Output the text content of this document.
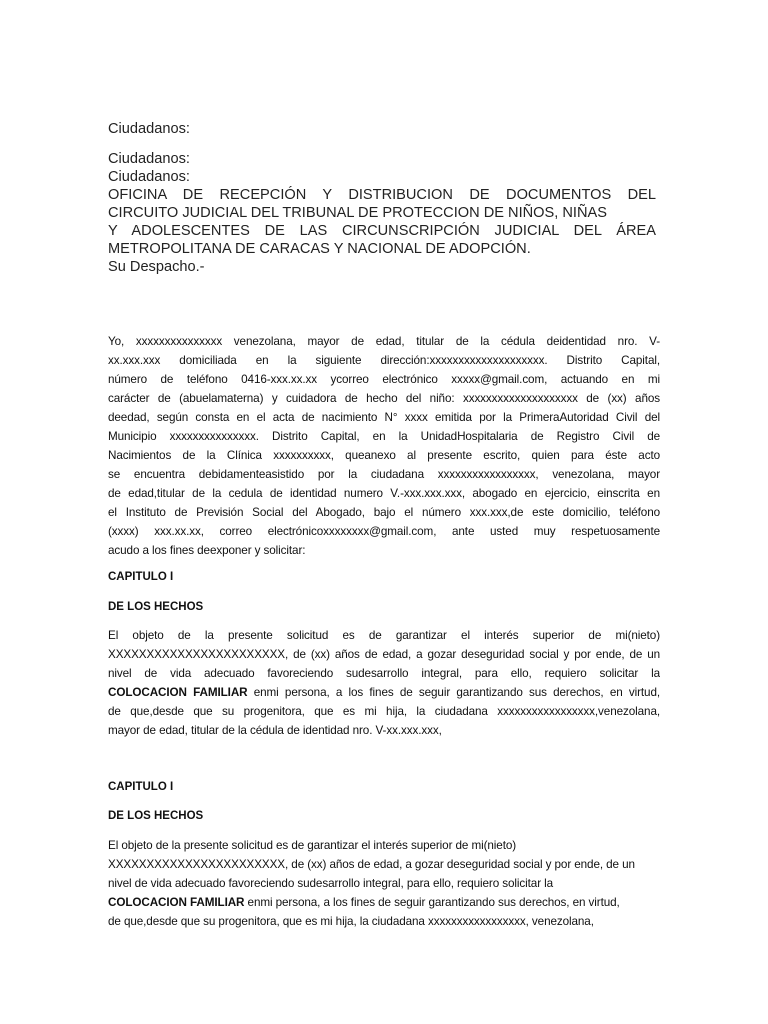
Ciudadanos:
Ciudadanos:
Ciudadanos:
OFICINA DE RECEPCIÓN Y DISTRIBUCION DE DOCUMENTOS DEL
CIRCUITO JUDICIAL DEL TRIBUNAL DE PROTECCION DE NIÑOS, NIÑAS
Y ADOLESCENTES DE LAS CIRCUNSCRIPCIÓN JUDICIAL DEL ÁREA
METROPOLITANA DE CARACAS Y NACIONAL DE ADOPCIÓN.
Su Despacho.-
Yo, xxxxxxxxxxxxxxx venezolana, mayor de edad, titular de la cédula deidentidad nro. V-
xx.xxx.xxx domiciliada en la siguiente dirección:xxxxxxxxxxxxxxxxxxxx. Distrito Capital,
número de teléfono 0416-xxx.xx.xx ycorreo electrónico xxxxx@gmail.com, actuando en mi
carácter de (abuelamaterna) y cuidadora de hecho del niño: xxxxxxxxxxxxxxxxxxxx de (xx) años
deedad, según consta en el acta de nacimiento N° xxxx emitida por la PrimeraAutoridad Civil del
Municipio xxxxxxxxxxxxxxx. Distrito Capital, en la UnidadHospitalaria de Registro Civil de
Nacimientos de la Clínica xxxxxxxxxx, queanexo al presente escrito, quien para éste acto
se encuentra debidamenteasistido por la ciudadana xxxxxxxxxxxxxxxxx, venezolana, mayor
de edad,titular de la cedula de identidad numero V.-xxx.xxx.xxx, abogado en ejercicio, einscrita en
el Instituto de Previsión Social del Abogado, bajo el número xxx.xxx,de este domicilio, teléfono
(xxxx) xxx.xx.xx, correo electrónicoxxxxxxxx@gmail.com, ante usted muy respetuosamente
acudo a los fines deexponer y solicitar:
CAPITULO I
DE LOS HECHOS
El objeto de la presente solicitud es de garantizar el interés superior de mi(nieto)
XXXXXXXXXXXXXXXXXXXXXXX, de (xx) años de edad, a gozar deseguridad social y por ende, de un
nivel de vida adecuado favoreciendo sudesarrollo integral, para ello, requiero solicitar la
COLOCACION FAMILIAR enmi persona, a los fines de seguir garantizando sus derechos, en virtud,
de que,desde que su progenitora, que es mi hija, la ciudadana xxxxxxxxxxxxxxxxx,venezolana,
mayor de edad, titular de la cédula de identidad nro. V-xx.xxx.xxx,
CAPITULO I
DE LOS HECHOS
El objeto de la presente solicitud es de garantizar el interés superior de mi(nieto)
XXXXXXXXXXXXXXXXXXXXXXX, de (xx) años de edad, a gozar deseguridad social y por ende, de un
nivel de vida adecuado favoreciendo sudesarrollo integral, para ello, requiero solicitar la
COLOCACION FAMILIAR enmi persona, a los fines de seguir garantizando sus derechos, en virtud,
de que,desde que su progenitora, que es mi hija, la ciudadana xxxxxxxxxxxxxxxxx, venezolana,
